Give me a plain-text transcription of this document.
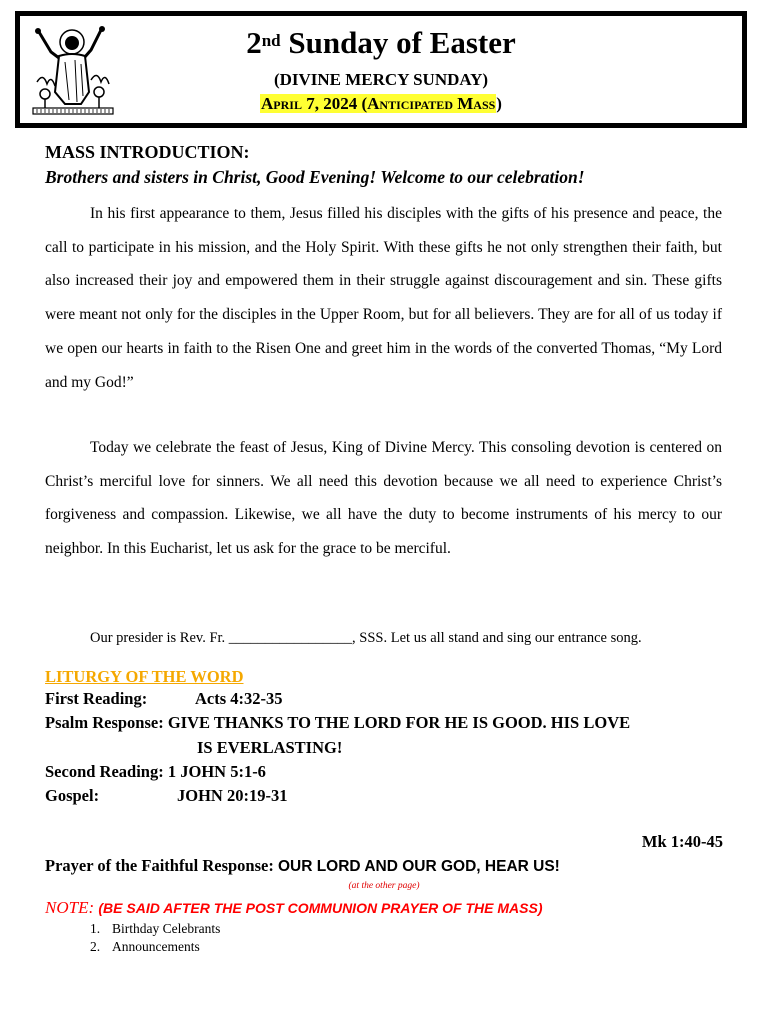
2nd Sunday of Easter
(DIVINE MERCY SUNDAY)
April 7, 2024 (Anticipated Mass)
MASS INTRODUCTION:
Brothers and sisters in Christ, Good Evening! Welcome to our celebration!

In his first appearance to them, Jesus filled his disciples with the gifts of his presence and peace, the call to participate in his mission, and the Holy Spirit. With these gifts he not only strengthen their faith, but also increased their joy and empowered them in their struggle against discouragement and sin. These gifts were meant not only for the disciples in the Upper Room, but for all believers. They are for all of us today if we open our hearts in faith to the Risen One and greet him in the words of the converted Thomas, “My Lord and my God!”

Today we celebrate the feast of Jesus, King of Divine Mercy. This consoling devotion is centered on Christ’s merciful love for sinners. We all need this devotion because we all need to experience Christ’s forgiveness and compassion. Likewise, we all have the duty to become instruments of his mercy to our neighbor. In this Eucharist, let us ask for the grace to be merciful.

Our presider is Rev. Fr. _________________, SSS. Let us all stand and sing our entrance song.
LITURGY OF THE WORD
First Reading:	Acts 4:32-35
Psalm Response: GIVE THANKS TO THE LORD FOR HE IS GOOD. HIS LOVE
IS EVERLASTING!
Second Reading: 1 JOHN 5:1-6
Gospel:	JOHN 20:19-31
Mk 1:40-45
Prayer of the Faithful Response: OUR LORD AND OUR GOD, HEAR US!
(at the other page)
NOTE: (BE SAID AFTER THE POST COMMUNION PRAYER OF THE MASS)
1. Birthday Celebrants
2. Announcements
